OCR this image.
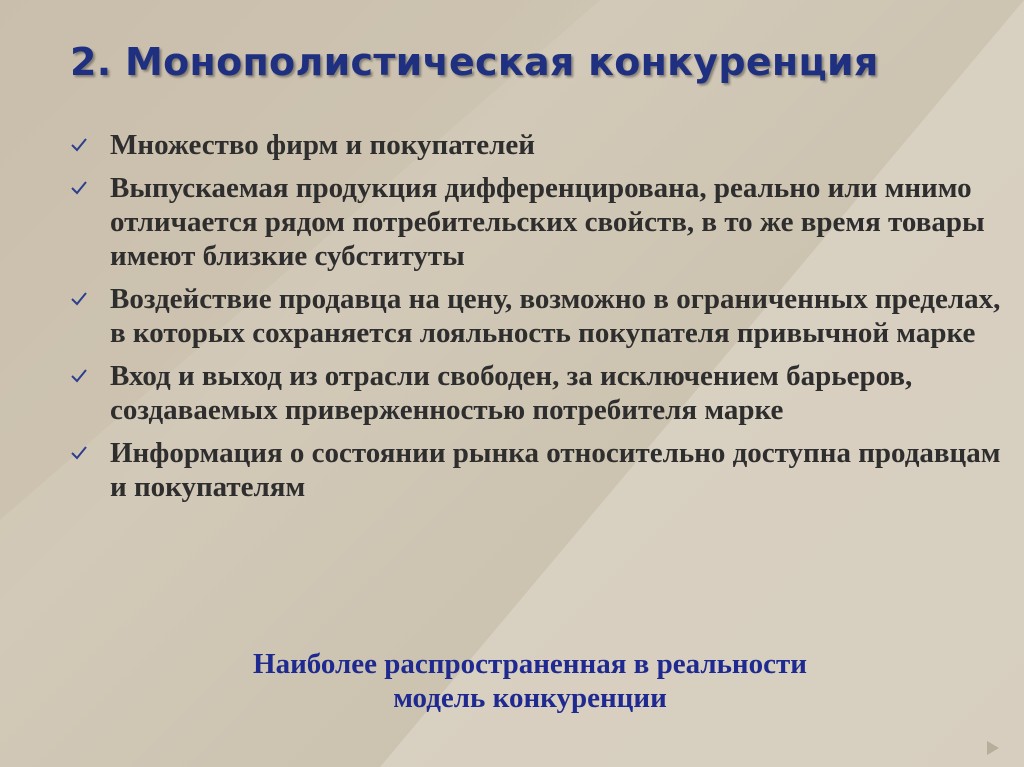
2. Монополистическая конкуренция
Множество фирм и покупателей
Выпускаемая продукция дифференцирована, реально или мнимо отличается рядом потребительских свойств, в то же время товары имеют близкие субституты
Воздействие продавца на цену, возможно в ограниченных пределах, в которых сохраняется лояльность покупателя привычной марке
Вход и выход из отрасли свободен, за исключением барьеров, создаваемых приверженностью потребителя марке
Информация о состоянии рынка относительно доступна продавцам и покупателям
Наиболее распространенная в реальности
модель конкуренции
